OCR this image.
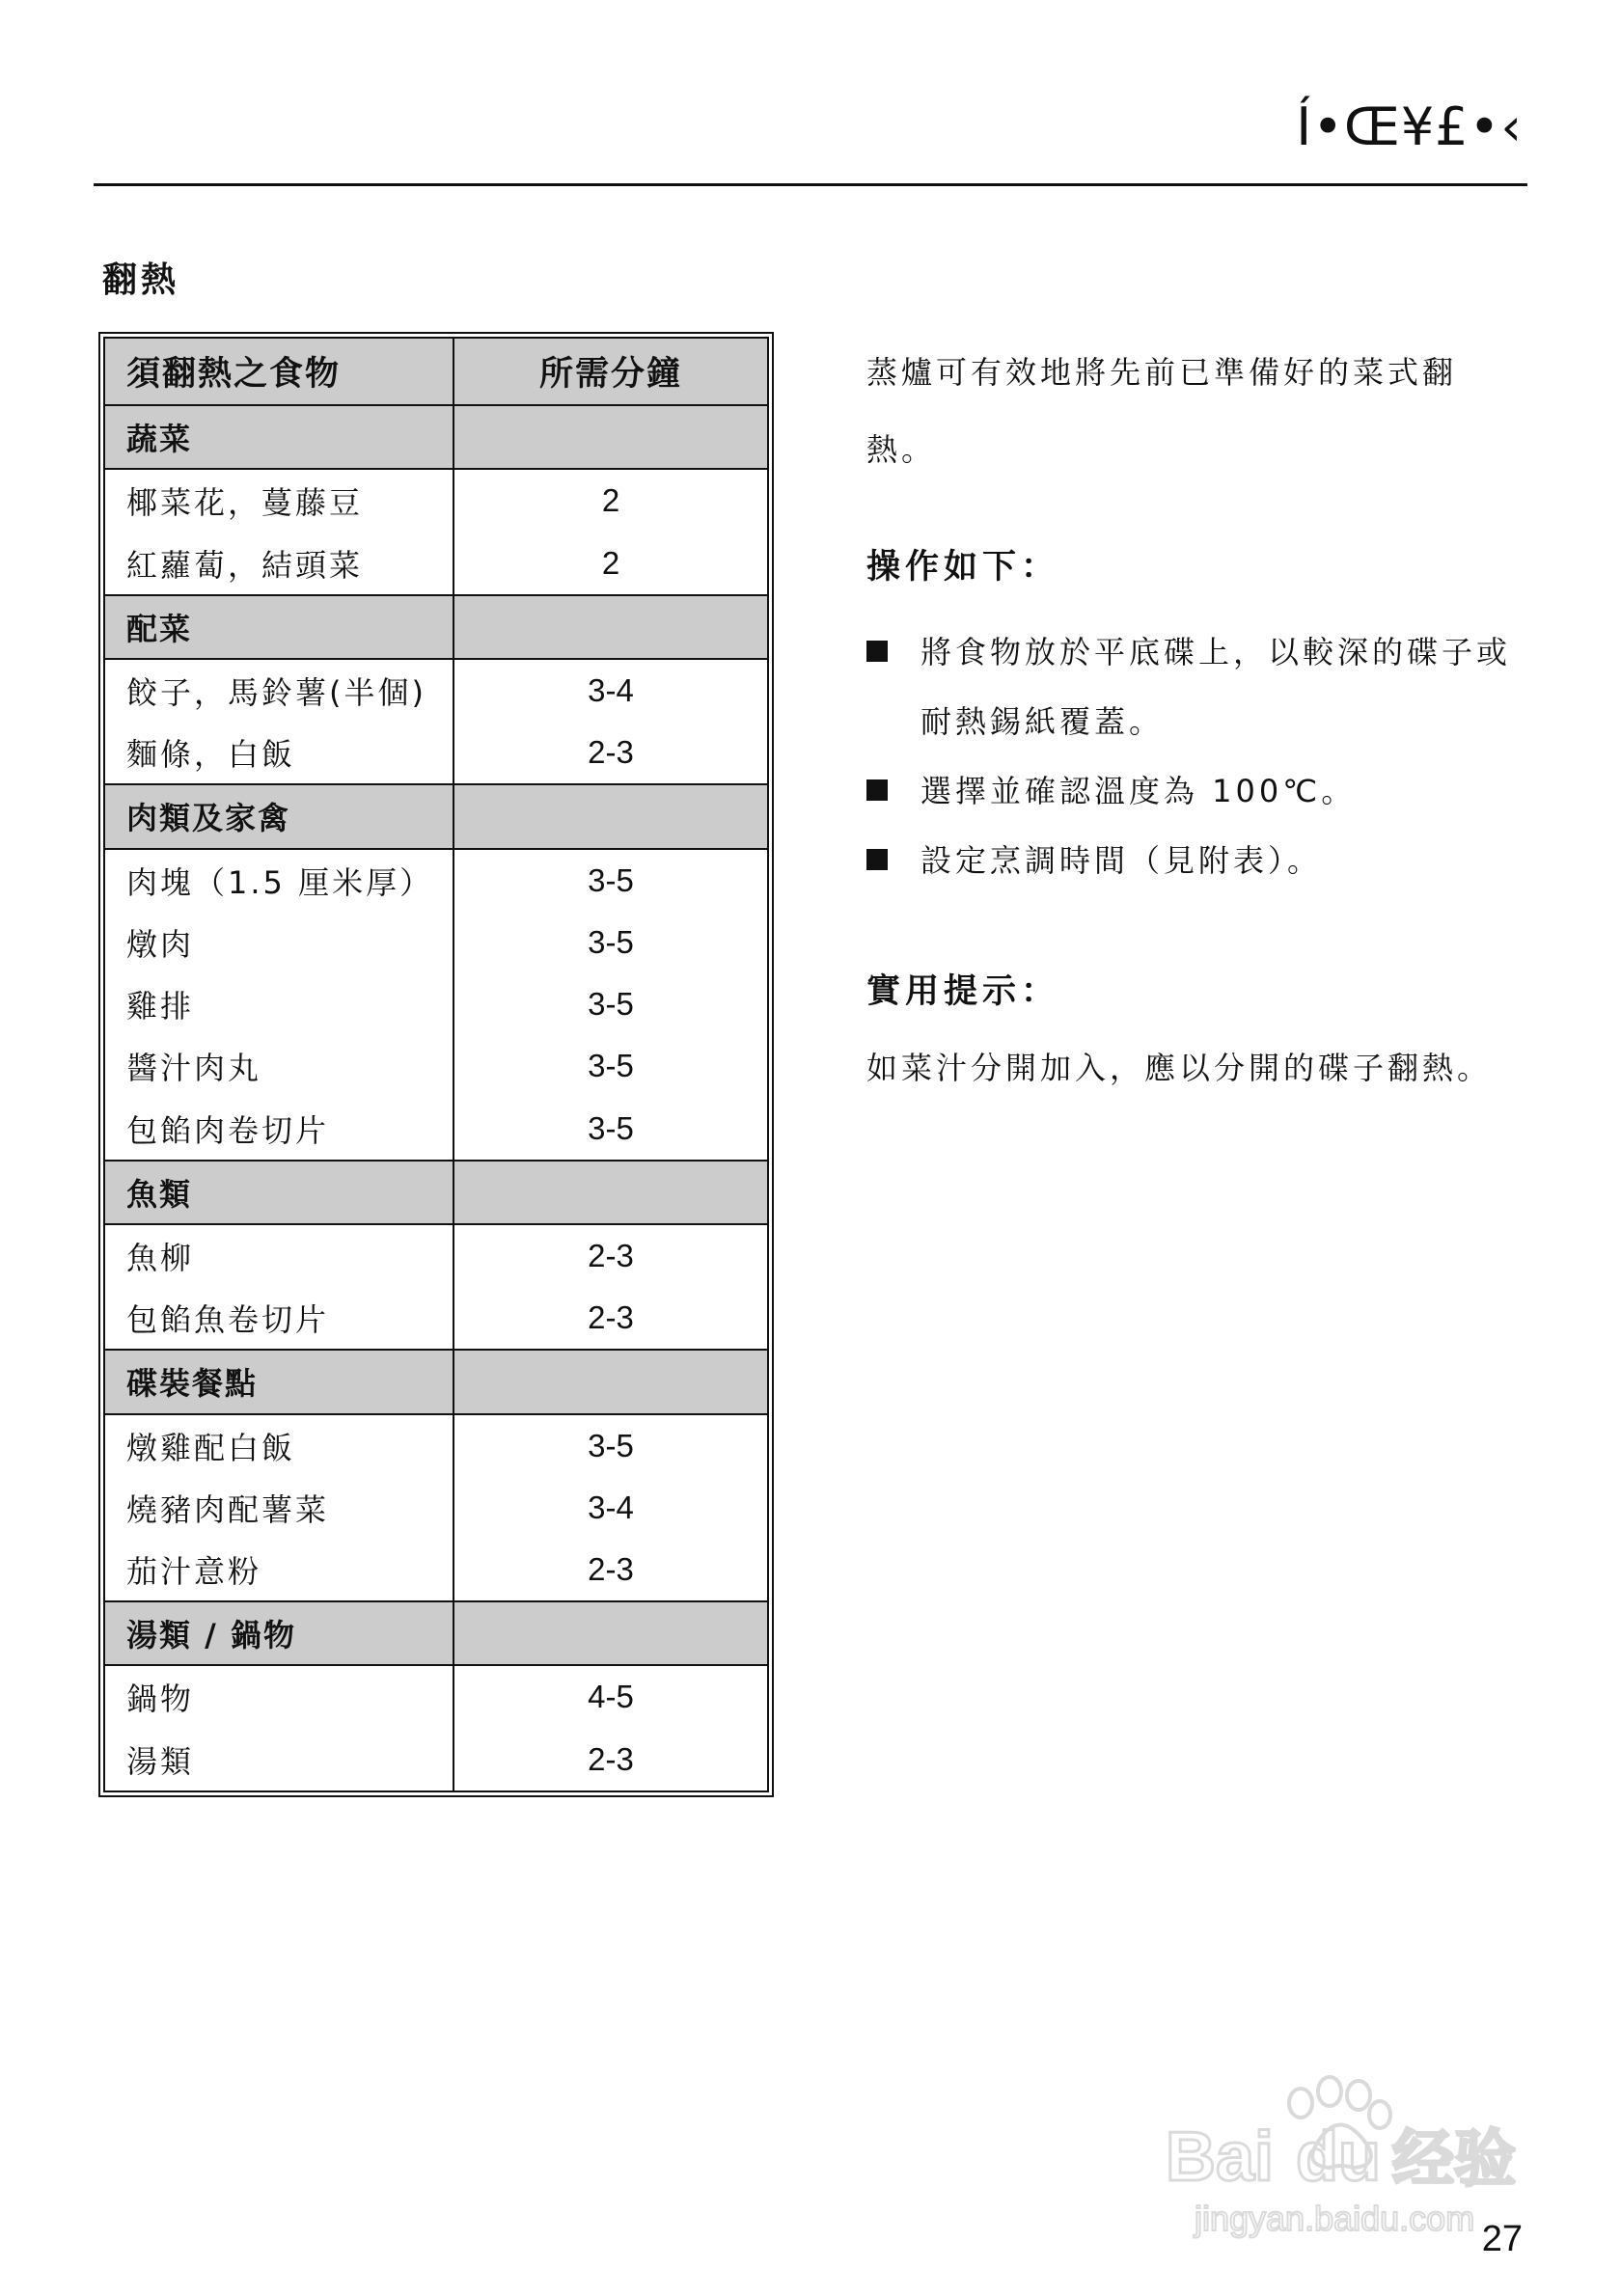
Í•Œ¥£•‹
翻熱
須翻熱之食物	所需分鐘
蔬菜	
椰菜花，蔓藤豆	2
紅蘿蔔，結頭菜	2
配菜	
餃子，馬鈴薯(半個)	3-4
麵條，白飯	2-3
肉類及家禽	
肉塊（1.5 厘米厚）	3-5
燉肉	3-5
雞排	3-5
醬汁肉丸	3-5
包餡肉卷切片	3-5
魚類	
魚柳	2-3
包餡魚卷切片	2-3
碟裝餐點	
燉雞配白飯	3-5
燒豬肉配薯菜	3-4
茄汁意粉	2-3
湯類 / 鍋物	
鍋物	4-5
湯類	2-3
蒸爐可有效地將先前已準備好的菜式翻
熱。
操作如下：
將食物放於平底碟上，以較深的碟子或
耐熱錫紙覆蓋。
選擇並確認溫度為 100℃。
設定烹調時間（見附表）。
實用提示：
如菜汁分開加入，應以分開的碟子翻熱。
Bai du 经验
jingyan.baidu.com
27
